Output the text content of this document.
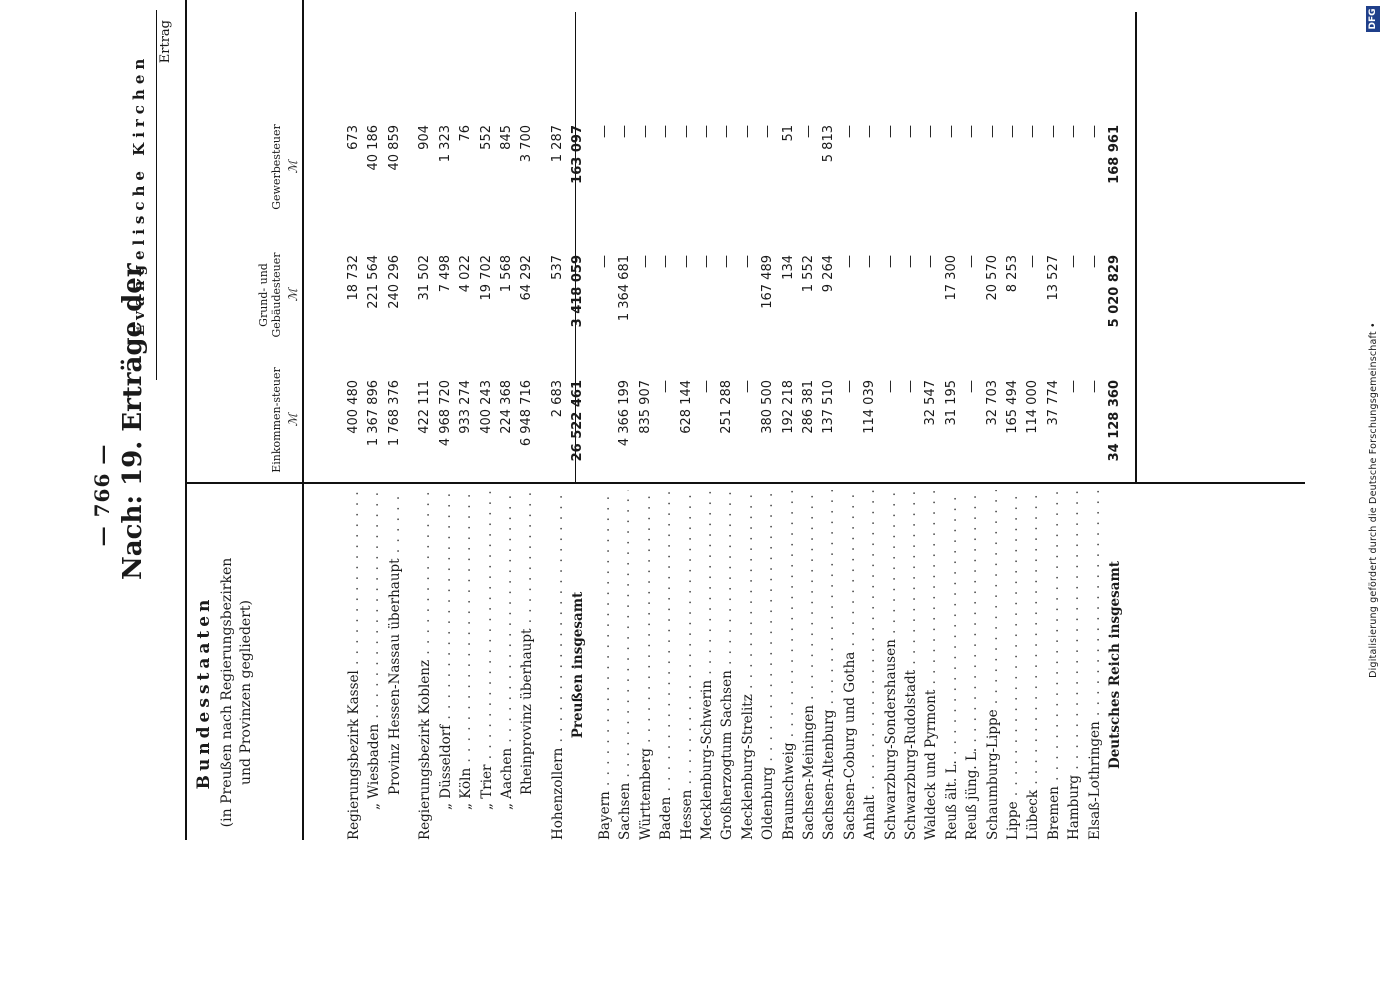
— 766 — Nach: 19. Erträge der
Bundesstaaten (in Preußen nach Regierungsbezirken und Provinzen gegliedert)
Evangelische Kirchen
Ertrag
Einkommen-steuer ℳ
Grund- und Gebäudesteuer ℳ
Gewerbesteuer ℳ
Regierungsbezirk Kassel . . .
400 480
18 732
673
„ Wiesbaden . . .
1 367 896
221 564
40 186
Provinz Hessen-Nassau überhaupt . . .
1 768 376
240 296
40 859
Regierungsbezirk Koblenz . . .
422 111
31 502
904
„ Düsseldorf . . .
4 968 720
7 498
1 323
„ Köln . . .
933 274
4 022
76
„ Trier . . .
400 243
19 702
552
„ Aachen . . .
224 368
1 568
845
Rheinprovinz überhaupt . . .
6 948 716
64 292
3 700
Hohenzollern . . .
2 683
537
1 287
Preußen insgesamt
26 522 461
3 418 059
163 097
Bayern . . .
—
—
Sachsen . . .
4 366 199
1 364 681
—
Württemberg . . .
835 907
—
—
Baden . . .
—
—
—
Hessen . . .
628 144
—
—
Mecklenburg-Schwerin . . .
—
—
—
Großherzogtum Sachsen . . .
251 288
—
—
Mecklenburg-Strelitz . . .
—
—
—
Oldenburg . . .
380 500
167 489
—
Braunschweig . . .
192 218
134
51
Sachsen-Meiningen . . .
286 381
1 552
—
Sachsen-Altenburg . . .
137 510
9 264
5 813
Sachsen-Coburg und Gotha . . .
—
—
—
Anhalt . . .
114 039
—
—
Schwarzburg-Sondershausen . . .
—
—
—
Schwarzburg-Rudolstadt . . .
—
—
—
Waldeck und Pyrmont . . .
32 547
—
—
Reuß ält. L. . . .
31 195
17 300
—
Reuß jüng. L. . . .
—
—
—
Schaumburg-Lippe . . .
32 703
20 570
—
Lippe . . .
165 494
8 253
—
Lübeck . . .
114 000
—
—
Bremen . . .
37 774
13 527
—
Hamburg . . .
—
—
—
Elsaß-Lothringen . . .
—
—
—
Deutsches Reich insgesamt
34 128 360
5 020 829
168 961
Digitalisierung gefördert durch die Deutsche Forschungsgemeinschaft •
DFG
